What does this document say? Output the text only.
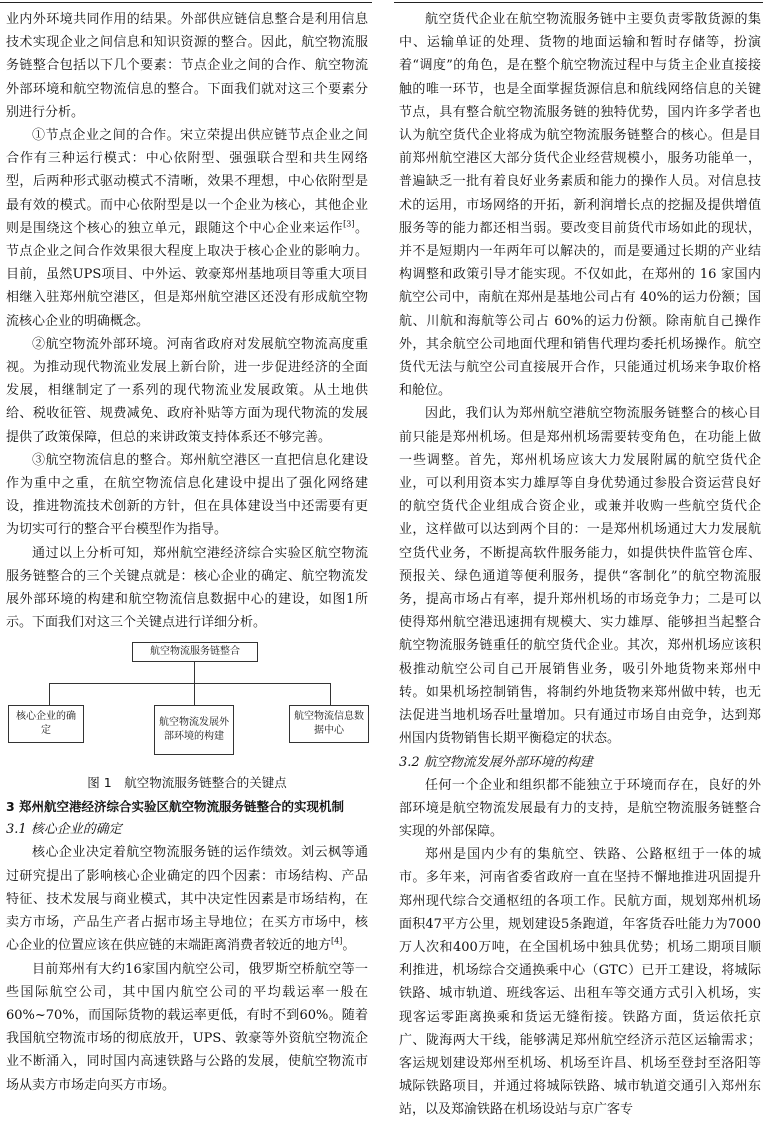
业内外环境共同作用的结果。外部供应链信息整合是利用信息技术实现企业之间信息和知识资源的整合。因此，航空物流服务链整合包括以下几个要素：节点企业之间的合作、航空物流外部环境和航空物流信息的整合。下面我们就对这三个要素分别进行分析。

①节点企业之间的合作。宋立荣提出供应链节点企业之间合作有三种运行模式：中心依附型、强强联合型和共生网络型，后两种形式驱动模式不清晰，效果不理想，中心依附型是最有效的模式。而中心依附型是以一个企业为核心，其他企业则是围绕这个核心的独立单元，跟随这个中心企业来运作[3]。节点企业之间合作效果很大程度上取决于核心企业的影响力。目前，虽然UPS项目、中外运、敦豪郑州基地项目等重大项目相继入驻郑州航空港区，但是郑州航空港区还没有形成航空物流核心企业的明确概念。

②航空物流外部环境。河南省政府对发展航空物流高度重视。为推动现代物流业发展上新台阶，进一步促进经济的全面发展，相继制定了一系列的现代物流业发展政策。从土地供给、税收征管、规费减免、政府补贴等方面为现代物流的发展提供了政策保障，但总的来讲政策支持体系还不够完善。

③航空物流信息的整合。郑州航空港区一直把信息化建设作为重中之重，在航空物流信息化建设中提出了强化网络建设，推进物流技术创新的方针，但在具体建设当中还需要有更为切实可行的整合平台模型作为指导。

通过以上分析可知，郑州航空港经济综合实验区航空物流服务链整合的三个关键点就是：核心企业的确定、航空物流发展外部环境的构建和航空物流信息数据中心的建设，如图1所示。下面我们对这三个关键点进行详细分析。

航空物流服务链整合
核心企业的确定
航空物流发展外部环境的构建
航空物流信息数据中心

图 1　航空物流服务链整合的关键点

3 郑州航空港经济综合实验区航空物流服务链整合的实现机制

3.1 核心企业的确定

核心企业决定着航空物流服务链的运作绩效。刘云枫等通过研究提出了影响核心企业确定的四个因素：市场结构、产品特征、技术发展与商业模式，其中决定性因素是市场结构，在卖方市场，产品生产者占据市场主导地位；在买方市场中，核心企业的位置应该在供应链的末端距离消费者较近的地方[4]。

目前郑州有大约16家国内航空公司，俄罗斯空桥航空等一些国际航空公司，其中国内航空公司的平均载运率一般在60%~70%，而国际货物的载运率更低，有时不到60%。随着我国航空物流市场的彻底放开，UPS、敦豪等外资航空物流企业不断涌入，同时国内高速铁路与公路的发展，使航空物流市场从卖方市场走向买方市场。

航空货代企业在航空物流服务链中主要负责零散货源的集中、运输单证的处理、货物的地面运输和暂时存储等，扮演着“调度”的角色，是在整个航空物流过程中与货主企业直接接触的唯一环节，也是全面掌握货源信息和航线网络信息的关键节点，具有整合航空物流服务链的独特优势，国内许多学者也认为航空货代企业将成为航空物流服务链整合的核心。但是目前郑州航空港区大部分货代企业经营规模小，服务功能单一，普遍缺乏一批有着良好业务素质和能力的操作人员。对信息技术的运用，市场网络的开拓，新利润增长点的挖掘及提供增值服务等的能力都还相当弱。要改变目前货代市场如此的现状，并不是短期内一年两年可以解决的，而是要通过长期的产业结构调整和政策引导才能实现。不仅如此，在郑州的 16 家国内航空公司中，南航在郑州是基地公司占有 40%的运力份额；国航、川航和海航等公司占 60%的运力份额。除南航自己操作外，其余航空公司地面代理和销售代理均委托机场操作。航空货代无法与航空公司直接展开合作，只能通过机场来争取价格和舱位。

因此，我们认为郑州航空港航空物流服务链整合的核心目前只能是郑州机场。但是郑州机场需要转变角色，在功能上做一些调整。首先，郑州机场应该大力发展附属的航空货代企业，可以利用资本实力雄厚等自身优势通过参股合资运营良好的航空货代企业组成合资企业，或兼并收购一些航空货代企业，这样做可以达到两个目的：一是郑州机场通过大力发展航空货代业务，不断提高软件服务能力，如提供快件监管仓库、预报关、绿色通道等便利服务，提供“客制化”的航空物流服务，提高市场占有率，提升郑州机场的市场竞争力；二是可以使得郑州航空港迅速拥有规模大、实力雄厚、能够担当起整合航空物流服务链重任的航空货代企业。其次，郑州机场应该积极推动航空公司自己开展销售业务，吸引外地货物来郑州中转。如果机场控制销售，将制约外地货物来郑州做中转，也无法促进当地机场吞吐量增加。只有通过市场自由竞争，达到郑州国内货物销售长期平衡稳定的状态。

3.2 航空物流发展外部环境的构建

任何一个企业和组织都不能独立于环境而存在，良好的外部环境是航空物流发展最有力的支持，是航空物流服务链整合实现的外部保障。

郑州是国内少有的集航空、铁路、公路枢纽于一体的城市。多年来，河南省委省政府一直在坚持不懈地推进巩固提升郑州现代综合交通枢纽的各项工作。民航方面，规划郑州机场面积47平方公里，规划建设5条跑道，年客货吞吐能力为7000万人次和400万吨，在全国机场中独具优势；机场二期项目顺利推进，机场综合交通换乘中心（GTC）已开工建设，将城际铁路、城市轨道、班线客运、出租车等交通方式引入机场，实现客运零距离换乘和货运无缝衔接。铁路方面，货运依托京广、陇海两大干线，能够满足郑州航空经济示范区运输需求；客运规划建设郑州至机场、机场至许昌、机场至登封至洛阳等城际铁路项目，并通过将城际铁路、城市轨道交通引入郑州东站，以及郑渝铁路在机场设站与京广客专
